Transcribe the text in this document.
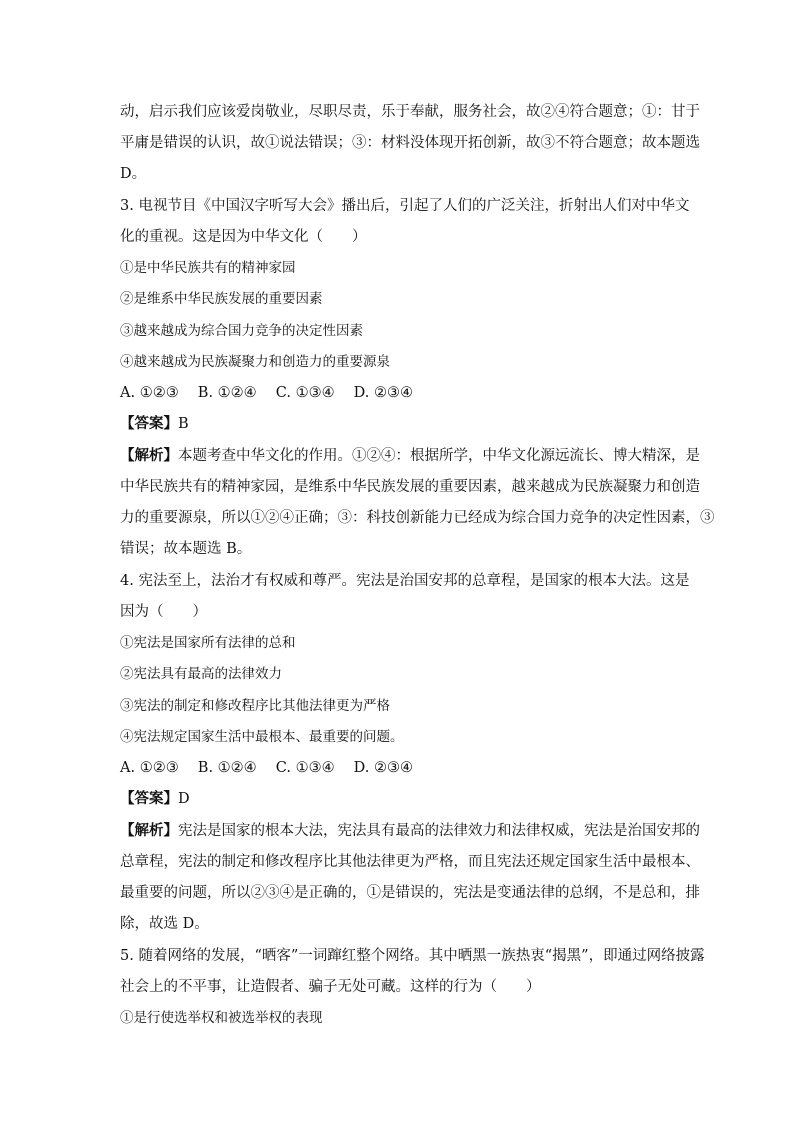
动，启示我们应该爱岗敬业，尽职尽责，乐于奉献，服务社会，故②④符合题意；①：甘于
平庸是错误的认识，故①说法错误；③：材料没体现开拓创新，故③不符合题意；故本题选
D。
3. 电视节目《中国汉字听写大会》播出后，引起了人们的广泛关注，折射出人们对中华文
化的重视。这是因为中华文化（　　）
①是中华民族共有的精神家园
②是维系中华民族发展的重要因素
③越来越成为综合国力竞争的决定性因素
④越来越成为民族凝聚力和创造力的重要源泉
A. ①②③　 B. ①②④　 C. ①③④　 D. ②③④
【答案】B
【解析】本题考查中华文化的作用。①②④：根据所学，中华文化源远流长、博大精深，是
中华民族共有的精神家园，是维系中华民族发展的重要因素，越来越成为民族凝聚力和创造
力的重要源泉，所以①②④正确；③：科技创新能力已经成为综合国力竞争的决定性因素，③
错误；故本题选 B。
4. 宪法至上，法治才有权威和尊严。宪法是治国安邦的总章程，是国家的根本大法。这是
因为（　　）
①宪法是国家所有法律的总和
②宪法具有最高的法律效力
③宪法的制定和修改程序比其他法律更为严格
④宪法规定国家生活中最根本、最重要的问题。
A. ①②③　 B. ①②④　 C. ①③④　 D. ②③④
【答案】D
【解析】宪法是国家的根本大法，宪法具有最高的法律效力和法律权威，宪法是治国安邦的
总章程，宪法的制定和修改程序比其他法律更为严格，而且宪法还规定国家生活中最根本、
最重要的问题，所以②③④是正确的，①是错误的，宪法是变通法律的总纲，不是总和，排
除，故选 D。
5. 随着网络的发展，“晒客”一词蹿红整个网络。其中晒黑一族热衷“揭黑”，即通过网络披露
社会上的不平事，让造假者、骗子无处可藏。这样的行为（　　）
①是行使选举权和被选举权的表现
